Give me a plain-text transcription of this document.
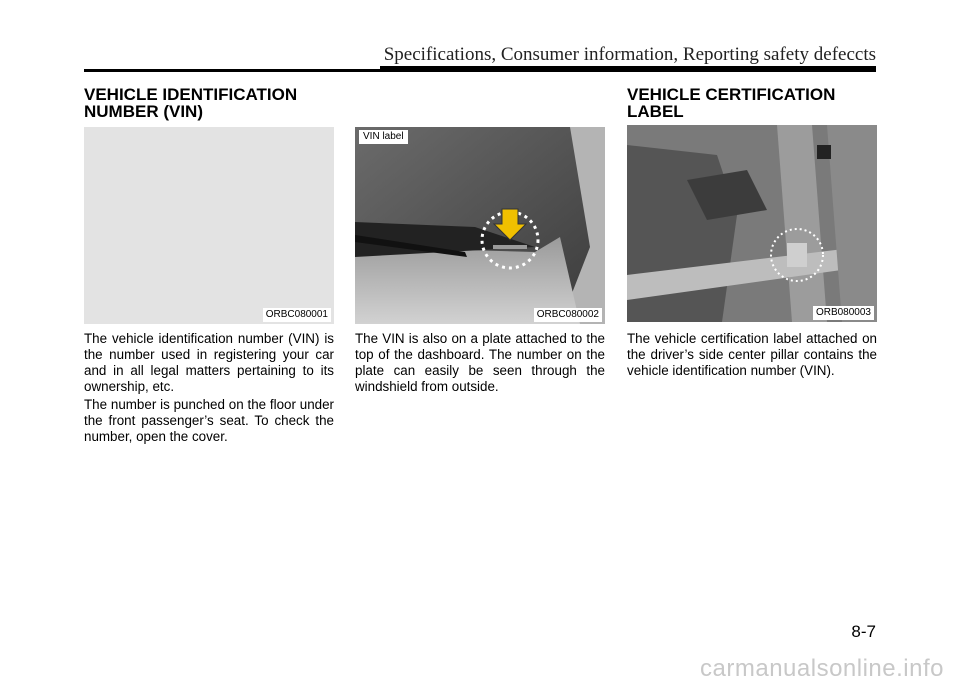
Specifications, Consumer information, Reporting safety defeccts
VEHICLE IDENTIFICATION
NUMBER (VIN)
ORBC080001

The vehicle identification number (VIN) is the number used in registering your car and in all legal matters pertaining to its ownership, etc.

The number is punched on the floor under the front passenger’s seat. To check the number, open the cover.

VIN label
ORBC080002

The VIN is also on a plate attached to the top of the dashboard. The number on the plate can easily be seen through the windshield from outside.

VEHICLE CERTIFICATION
LABEL
ORB080003

The vehicle certification label attached on the driver’s side center pillar contains the vehicle identification number (VIN).

8-7
carmanualsonline.info
